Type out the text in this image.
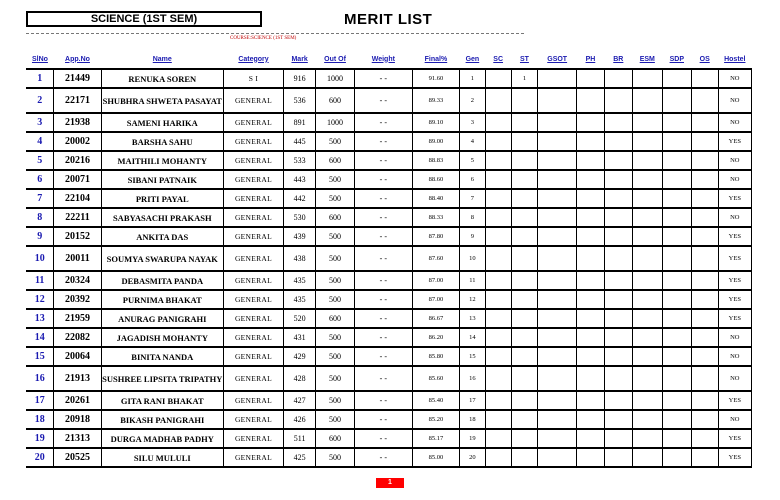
SCIENCE (1ST SEM)	MERIT LIST
COURSE:SCIENCE (1ST SEM)
SlNo	App.No	Name	Category	Mark	Out Of	Weight	Final%	Gen	SC	ST	GSOT	PH	BR	ESM	SDP	OS	Hostel
1	21449	RENUKA SOREN	S I	916	1000	- -	91.60	1		1							NO
2	22171	SHUBHRA SHWETA PASAYAT	GENERAL	536	600	- -	89.33	2									NO
3	21938	SAMENI HARIKA	GENERAL	891	1000	- -	89.10	3									NO
4	20002	BARSHA SAHU	GENERAL	445	500	- -	89.00	4									YES
5	20216	MAITHILI MOHANTY	GENERAL	533	600	- -	88.83	5									NO
6	20071	SIBANI PATNAIK	GENERAL	443	500	- -	88.60	6									NO
7	22104	PRITI PAYAL	GENERAL	442	500	- -	88.40	7									YES
8	22211	SABYASACHI PRAKASH	GENERAL	530	600	- -	88.33	8									NO
9	20152	ANKITA DAS	GENERAL	439	500	- -	87.80	9									YES
10	20011	SOUMYA SWARUPA NAYAK	GENERAL	438	500	- -	87.60	10									YES
11	20324	DEBASMITA PANDA	GENERAL	435	500	- -	87.00	11									YES
12	20392	PURNIMA BHAKAT	GENERAL	435	500	- -	87.00	12									YES
13	21959	ANURAG PANIGRAHI	GENERAL	520	600	- -	86.67	13									YES
14	22082	JAGADISH MOHANTY	GENERAL	431	500	- -	86.20	14									NO
15	20064	BINITA NANDA	GENERAL	429	500	- -	85.80	15									NO
16	21913	SUSHREE LIPSITA TRIPATHY	GENERAL	428	500	- -	85.60	16									NO
17	20261	GITA RANI BHAKAT	GENERAL	427	500	- -	85.40	17									YES
18	20918	BIKASH PANIGRAHI	GENERAL	426	500	- -	85.20	18									NO
19	21313	DURGA MADHAB PADHY	GENERAL	511	600	- -	85.17	19									YES
20	20525	SILU MULULI	GENERAL	425	500	- -	85.00	20									YES
1
